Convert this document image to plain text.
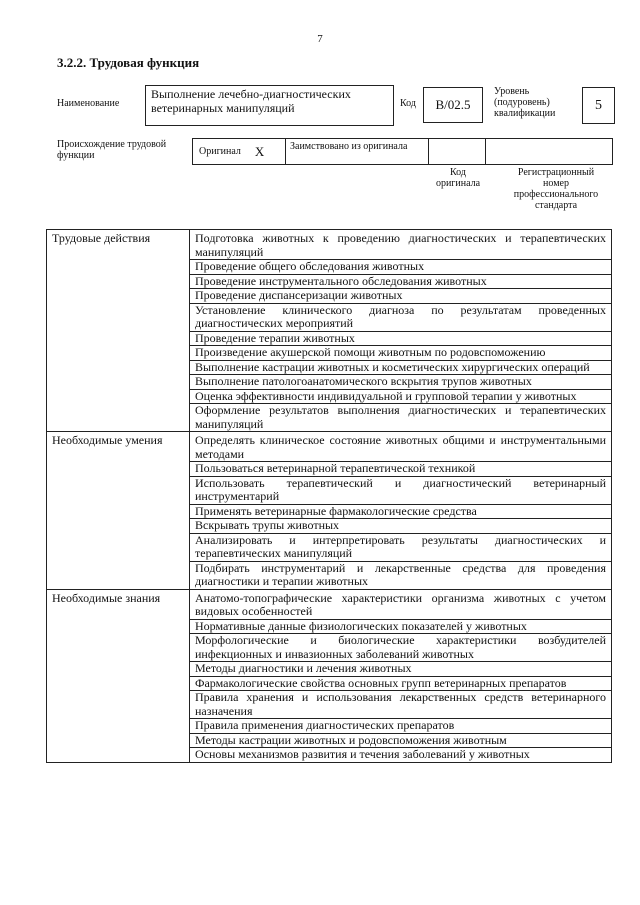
7
3.2.2. Трудовая функция
Наименование
Выполнение лечебно-диагностических ветеринарных манипуляций	Код	В/02.5
Уровень (подуровень) квалификации
5
Происхождение трудовой функции	Оригинал X	Заимствовано из оригинала
Код оригинала
Регистрационный номер профессионального стандарта
Трудовые действия	Подготовка животных к проведению диагностических и терапевтических манипуляций
	Проведение общего обследования животных
	Проведение инструментального обследования животных
	Проведение диспансеризации животных
	Установление клинического диагноза по результатам проведенных диагностических мероприятий
	Проведение терапии животных
	Произведение акушерской помощи животным по родовспоможению
	Выполнение кастрации животных и косметических хирургических операций
	Выполнение патологоанатомического вскрытия трупов животных
	Оценка эффективности индивидуальной и групповой терапии у животных
	Оформление результатов выполнения диагностических и терапевтических манипуляций
Необходимые умения	Определять клиническое состояние животных общими и инструментальными методами
	Пользоваться ветеринарной терапевтической техникой
	Использовать терапевтический и диагностический ветеринарный инструментарий
	Применять ветеринарные фармакологические средства
	Вскрывать трупы животных
	Анализировать и интерпретировать результаты диагностических и терапевтических манипуляций
	Подбирать инструментарий и лекарственные средства для проведения диагностики и терапии животных
Необходимые знания	Анатомо-топографические характеристики организма животных с учетом видовых особенностей
	Нормативные данные физиологических показателей у животных
	Морфологические и биологические характеристики возбудителей инфекционных и инвазионных заболеваний животных
	Методы диагностики и лечения животных
	Фармакологические свойства основных групп ветеринарных препаратов
	Правила хранения и использования лекарственных средств ветеринарного назначения
	Правила применения диагностических препаратов
	Методы кастрации животных и родовспоможения животным
	Основы механизмов развития и течения заболеваний у животных
